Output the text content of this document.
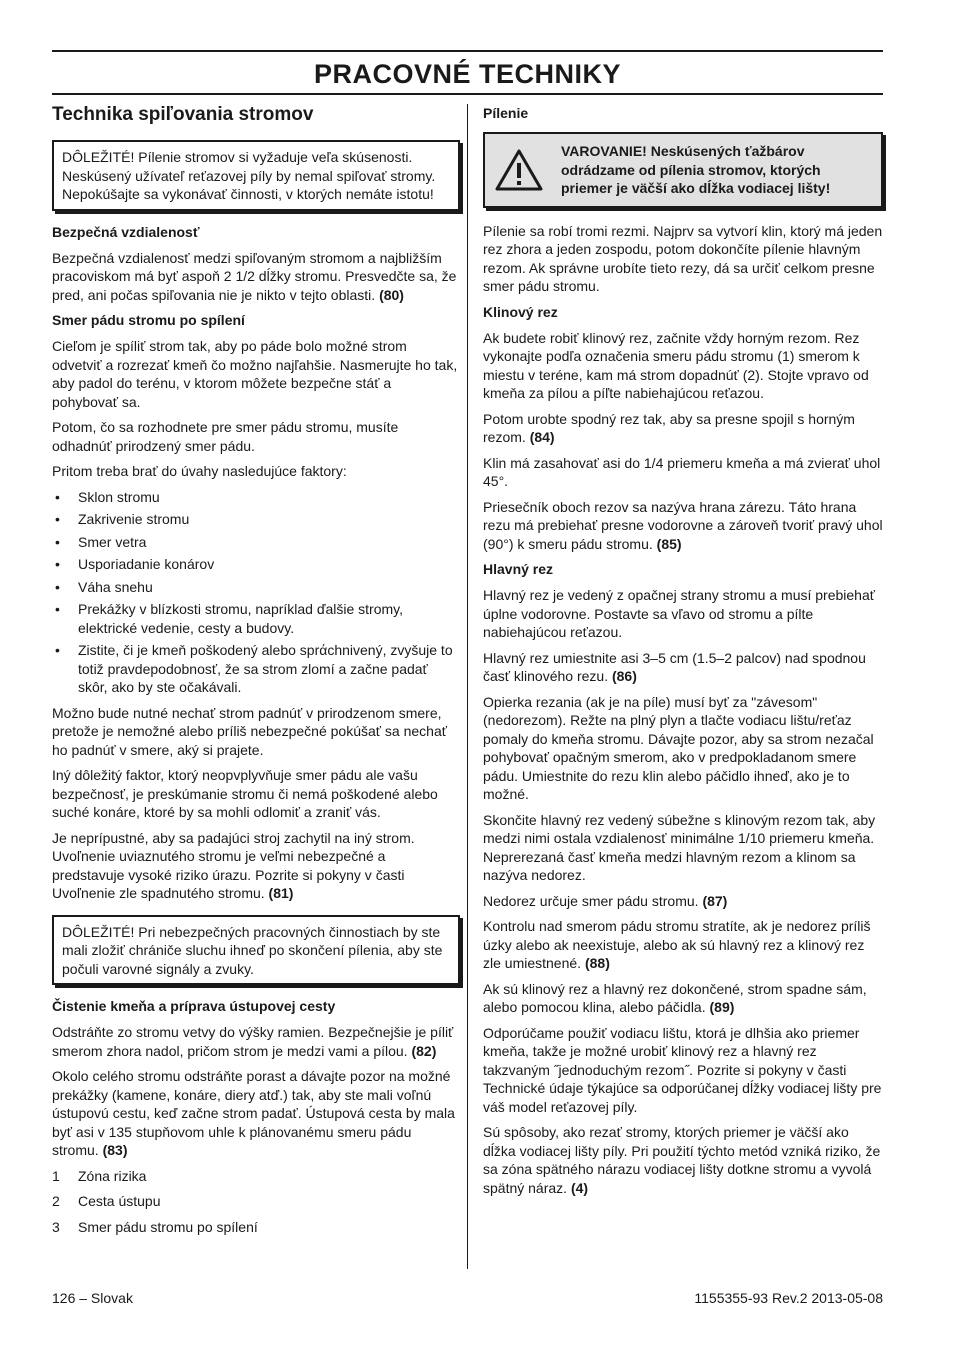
PRACOVNÉ TECHNIKY
Technika spiľovania stromov
DÔLEŽITÉ! Pílenie stromov si vyžaduje veľa skúsenosti. Neskúsený užívateľ reťazovej píly by nemal spiľovať stromy. Nepokúšajte sa vykonávať činnosti, v ktorých nemáte istotu!
Bezpečná vzdialenosť

Bezpečná vzdialenosť medzi spiľovaným stromom a najbližším pracoviskom má byť aspoň 2 1/2 dĺžky stromu. Presvedčte sa, že pred, ani počas spiľovania nie je nikto v tejto oblasti. (80)

Smer pádu stromu po spílení

Cieľom je spíliť strom tak, aby po páde bolo možné strom odvetviť a rozrezať kmeň čo možno najľahšie. Nasmerujte ho tak, aby padol do terénu, v ktorom môžete bezpečne stáť a pohybovať sa.

Potom, čo sa rozhodnete pre smer pádu stromu, musíte odhadnúť prirodzený smer pádu.

Pritom treba brať do úvahy nasledujúce faktory:

• Sklon stromu
• Zakrivenie stromu
• Smer vetra
• Usporiadanie konárov
• Váha snehu
• Prekážky v blízkosti stromu, napríklad ďalšie stromy, elektrické vedenie, cesty a budovy.
• Zistite, či je kmeň poškodený alebo sprάchnivený, zvyšuje to totiž pravdepodobnosť, že sa strom zlomí a začne padať skôr, ako by ste očakávali.

Možno bude nutné nechať strom padnúť v prirodzenom smere, pretože je nemožné alebo príliš nebezpečné pokúšať sa nechať ho padnúť v smere, aký si prajete.

Iný dôležitý faktor, ktorý neopvplyvňuje smer pádu ale vašu bezpečnosť, je preskúmanie stromu či nemá poškodené alebo suché konáre, ktoré by sa mohli odlomiť a zraniť vás.

Je neprípustné, aby sa padajúci stroj zachytil na iný strom. Uvoľnenie uviaznutého stromu je veľmi nebezpečné a predstavuje vysoké riziko úrazu. Pozrite si pokyny v časti Uvoľnenie zle spadnutého stromu. (81)

DÔLEŽITÉ! Pri nebezpečných pracovných činnostiach by ste mali zložiť chrániče sluchu ihneď po skončení pílenia, aby ste počuli varovné signály a zvuky.
Čistenie kmeňa a príprava ústupovej cesty

Odstráňte zo stromu vetvy do výšky ramien. Bezpečnejšie je píliť smerom zhora nadol, pričom strom je medzi vami a pílou. (82)

Okolo celého stromu odstráňte porast a dávajte pozor na možné prekážky (kamene, konáre, diery atď.) tak, aby ste mali voľnú ústupovú cestu, keď začne strom padať. Ústupová cesta by mala byť asi v 135 stupňovom uhle k plánovanému smeru pádu stromu. (83)

1 Zóna rizika
2 Cesta ústupu
3 Smer pádu stromu po spílení
Pílenie
VAROVANIE! Neskúsených ťažbárov odrádzame od pílenia stromov, ktorých priemer je väčší ako dĺžka vodiacej lišty!

Pílenie sa robí tromi rezmi. Najprv sa vytvorí klin, ktorý má jeden rez zhora a jeden zospodu, potom dokončíte pílenie hlavným rezom. Ak správne urobíte tieto rezy, dá sa určiť celkom presne smer pádu stromu.

Klinový rez

Ak budete robiť klinový rez, začnite vždy horným rezom. Rez vykonajte podľa označenia smeru pádu stromu (1) smerom k miestu v teréne, kam má strom dopadnúť (2). Stojte vpravo od kmeňa za pílou a píľte nabiehajúcou reťazou.

Potom urobte spodný rez tak, aby sa presne spojil s horným rezom. (84)

Klin má zasahovať asi do 1/4 priemeru kmeňa a má zvierať uhol 45°.

Priesečník oboch rezov sa nazýva hrana zárezu. Táto hrana rezu má prebiehať presne vodorovne a zároveň tvoriť pravý uhol (90°) k smeru pádu stromu. (85)

Hlavný rez

Hlavný rez je vedený z opačnej strany stromu a musí prebiehať úplne vodorovne. Postavte sa vľavo od stromu a pílte nabiehajúcou reťazou.

Hlavný rez umiestnite asi 3–5 cm (1.5–2 palcov) nad spodnou časť klinového rezu. (86)

Opierka rezania (ak je na píle) musí byť za "závesom" (nedorezom). Režte na plný plyn a tlačte vodiacu lištu/reťaz pomaly do kmeňa stromu. Dávajte pozor, aby sa strom nezačal pohybovať opačným smerom, ako v predpokladanom smere pádu. Umiestnite do rezu klin alebo páčidlo ihneď, ako je to možné.

Skončite hlavný rez vedený súbežne s klinovým rezom tak, aby medzi nimi ostala vzdialenosť minimálne 1/10 priemeru kmeňa. Neprerezaná časť kmeňa medzi hlavným rezom a klinom sa nazýva nedorez.

Nedorez určuje smer pádu stromu. (87)

Kontrolu nad smerom pádu stromu stratíte, ak je nedorez príliš úzky alebo ak neexistuje, alebo ak sú hlavný rez a klinový rez zle umiestnené. (88)

Ak sú klinový rez a hlavný rez dokončené, strom spadne sám, alebo pomocou klina, alebo páčidla. (89)

Odporúčame použiť vodiacu lištu, ktorá je dlhšia ako priemer kmeňa, takže je možné urobiť klinový rez a hlavný rez takzvaným ˝jednoduchým rezom˝. Pozrite si pokyny v časti Technické údaje týkajúce sa odporúčanej dĺžky vodiacej lišty pre váš model reťazovej píly.

Sú spôsoby, ako rezať stromy, ktorých priemer je väčší ako dĺžka vodiacej lišty píly. Pri použití týchto metód vzniká riziko, že sa zóna spätného nárazu vodiacej lišty dotkne stromu a vyvolá spätný náraz. (4)

126 – Slovak	1155355-93 Rev.2 2013-05-08
